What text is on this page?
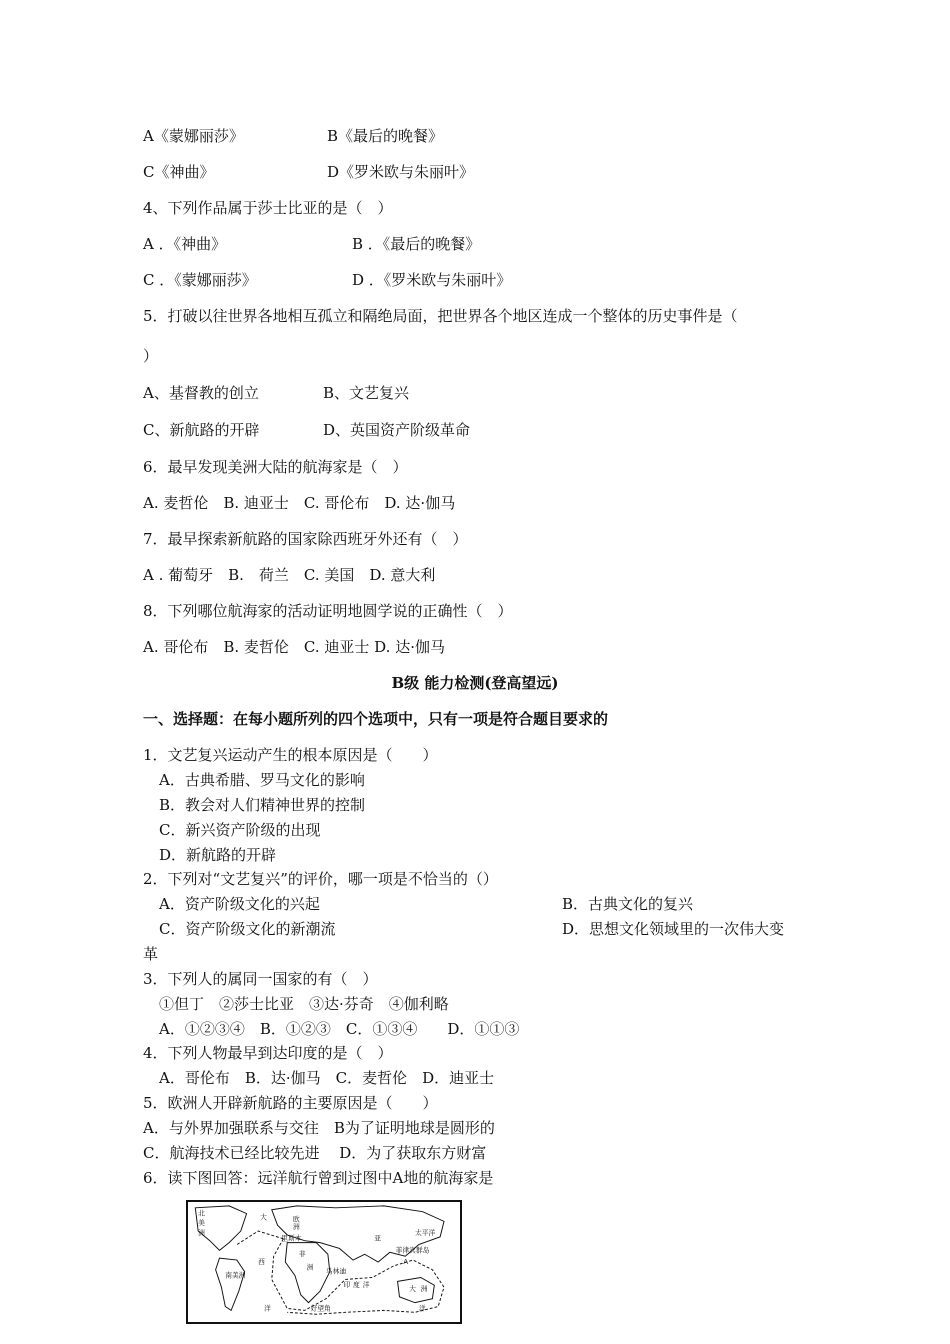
A《蒙娜丽莎》	B《最后的晚餐》
C《神曲》	D《罗米欧与朱丽叶》
4、下列作品属于莎士比亚的是（　）
A ．《神曲》	B ．《最后的晚餐》
C ．《蒙娜丽莎》	D ．《罗米欧与朱丽叶》
5．打破以往世界各地相互孤立和隔绝局面，把世界各个地区连成一个整体的历史事件是（
）
A、基督教的创立	B、文艺复兴
C、新航路的开辟	D、英国资产阶级革命
6．最早发现美洲大陆的航海家是（　）
A. 麦哲伦　B. 迪亚士　C. 哥伦布　D. 达·伽马
7．最早探索新航路的国家除西班牙外还有（　）
A . 葡萄牙　B.　荷兰　C. 美国　D. 意大利
8．下列哪位航海家的活动证明地圆学说的正确性（　）
A. 哥伦布　B. 麦哲伦　C. 迪亚士 D. 达·伽马
B级 能力检测(登高望远)
一、选择题：在每小题所列的四个选项中，只有一项是符合题目要求的
1．文艺复兴运动产生的根本原因是（　　）
A．古典希腊、罗马文化的影响
B．教会对人们精神世界的控制
C．新兴资产阶级的出现
D．新航路的开辟
2．下列对“文艺复兴”的评价，哪一项是不恰当的（）
A．资产阶级文化的兴起	B．古典文化的复兴
C．资产阶级文化的新潮流	D．思想文化领域里的一次伟大变
革
3．下列人的属同一国家的有（　）
①但丁　②莎士比亚　③达·芬奇　④伽利略
A．①②③④　B．①②③　C．①③④　　D．①①③
4．下列人物最早到达印度的是（　）
A．哥伦布　B．达·伽马　C．麦哲伦　D．迪亚士
5．欧洲人开辟新航路的主要原因是（　　）
A．与外界加强联系与交往　B为了证明地球是圆形的
C．航海技术已经比较先进　 D．为了获取东方财富
6．读下图回答：远洋航行曾到过图中A地的航海家是
北
美
洲
大	欧
洲
里斯本
非
洲
西
马林迪
印 度 洋
太平洋
菲律宾群岛
南美洲
好望角
洋
大
洋
洲
亚
A
